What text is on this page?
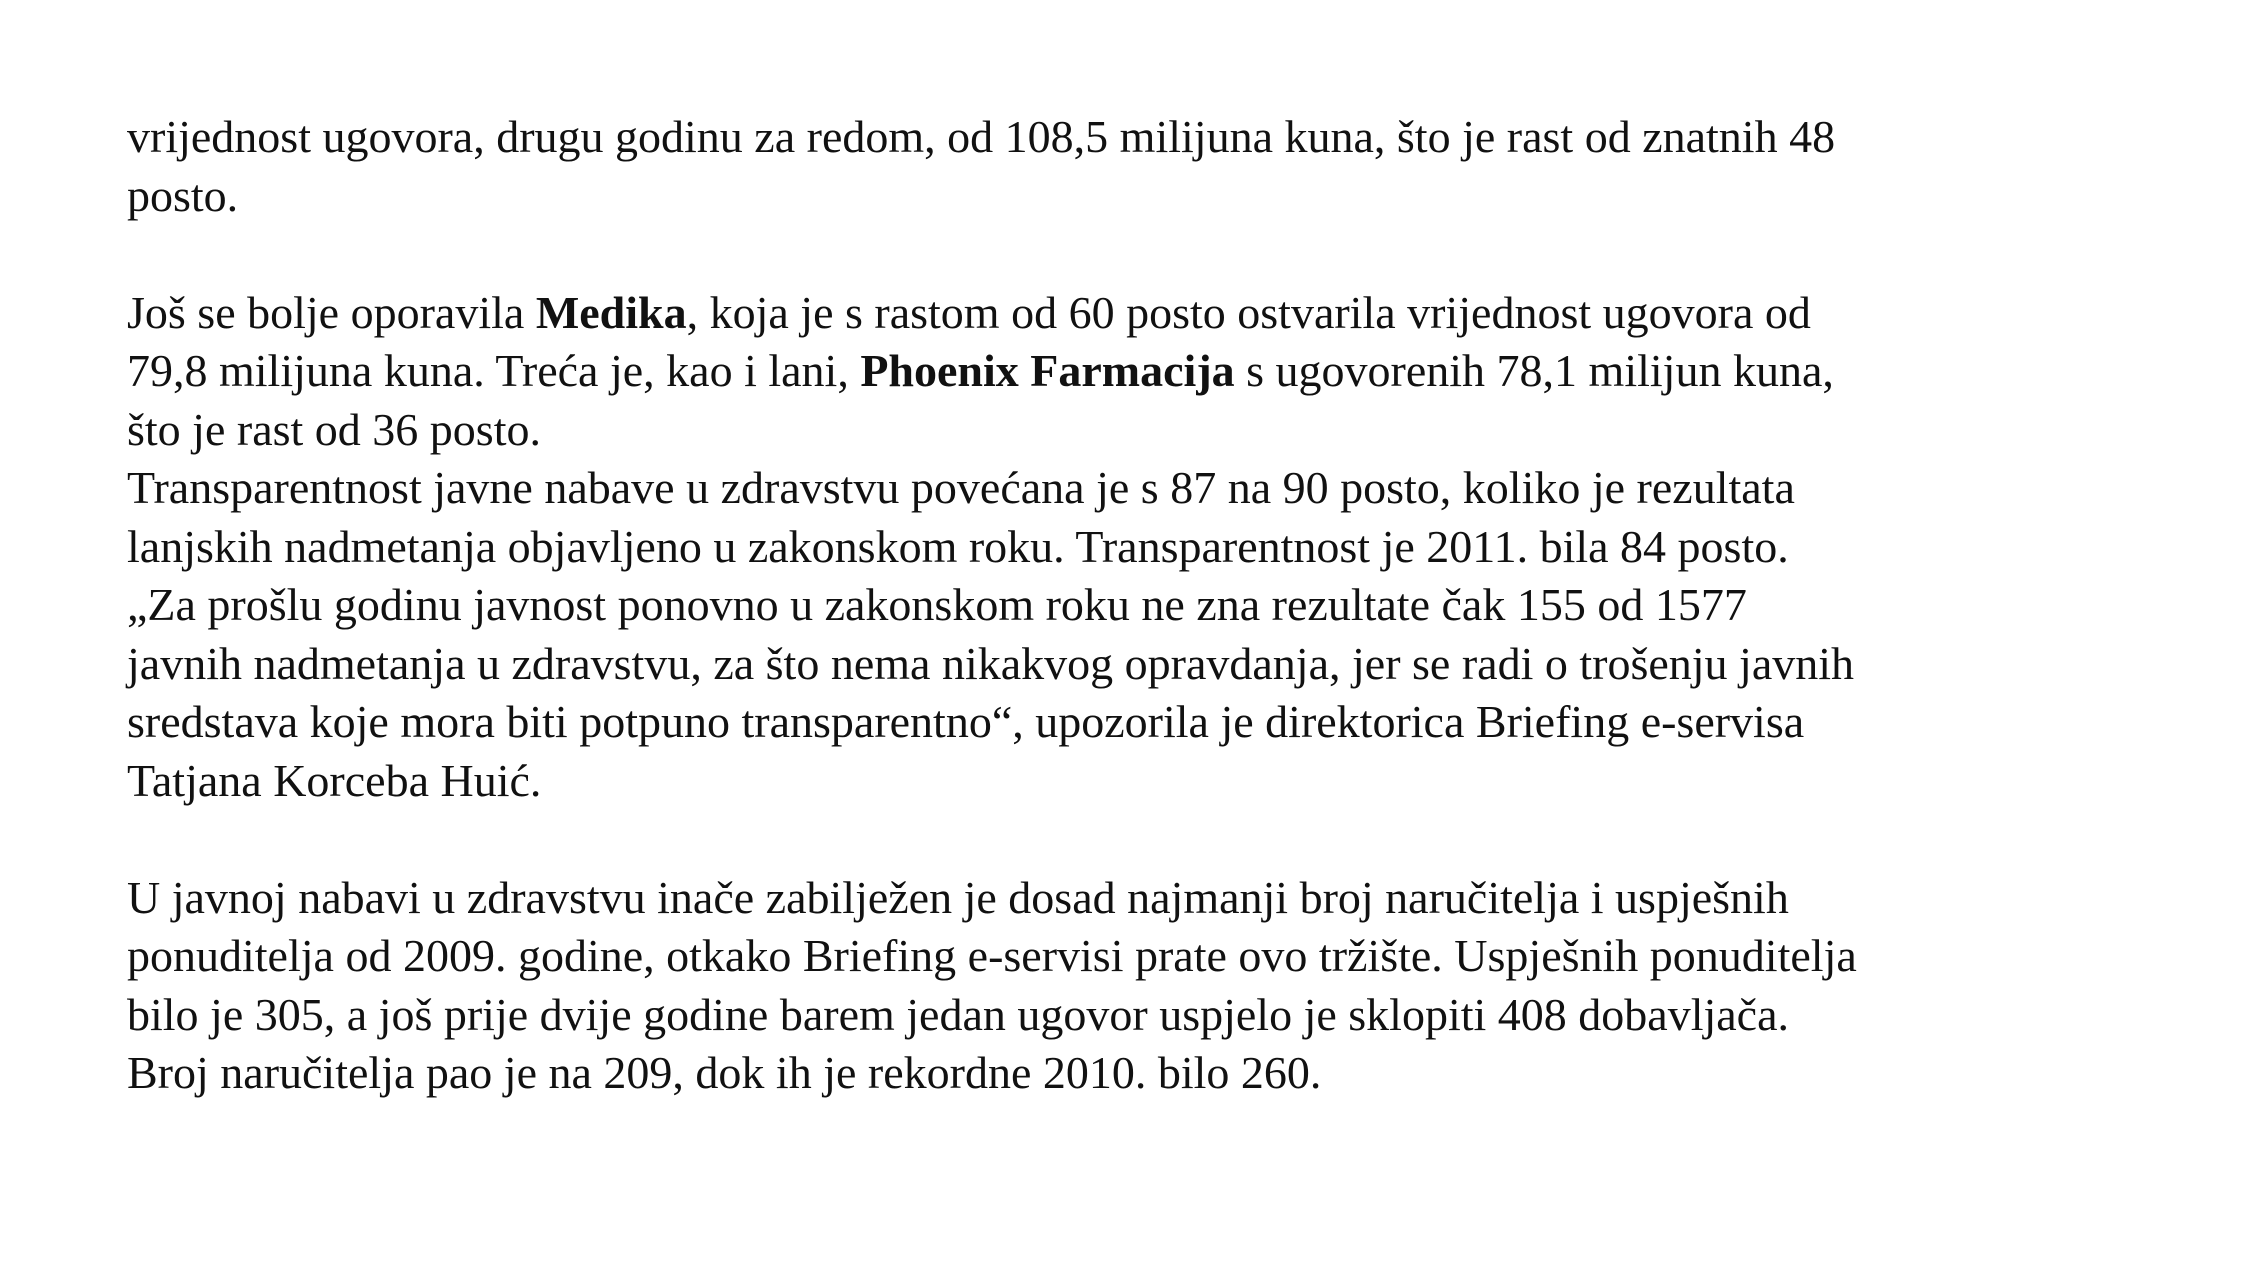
vrijednost ugovora, drugu godinu za redom, od 108,5 milijuna kuna, što je rast od znatnih 48
posto.

Još se bolje oporavila Medika, koja je s rastom od 60 posto ostvarila vrijednost ugovora od
79,8 milijuna kuna. Treća je, kao i lani, Phoenix Farmacija s ugovorenih 78,1 milijun kuna,
što je rast od 36 posto.

Transparentnost javne nabave u zdravstvu povećana je s 87 na 90 posto, koliko je rezultata
lanjskih nadmetanja objavljeno u zakonskom roku. Transparentnost je 2011. bila 84 posto.

„Za prošlu godinu javnost ponovno u zakonskom roku ne zna rezultate čak 155 od 1577
javnih nadmetanja u zdravstvu, za što nema nikakvog opravdanja, jer se radi o trošenju javnih
sredstava koje mora biti potpuno transparentno“, upozorila je direktorica Briefing e-servisa
Tatjana Korceba Huić.

U javnoj nabavi u zdravstvu inače zabilježen je dosad najmanji broj naručitelja i uspješnih
ponuditelja od 2009. godine, otkako Briefing e-servisi prate ovo tržište. Uspješnih ponuditelja
bilo je 305, a još prije dvije godine barem jedan ugovor uspjelo je sklopiti 408 dobavljača.
Broj naručitelja pao je na 209, dok ih je rekordne 2010. bilo 260.
